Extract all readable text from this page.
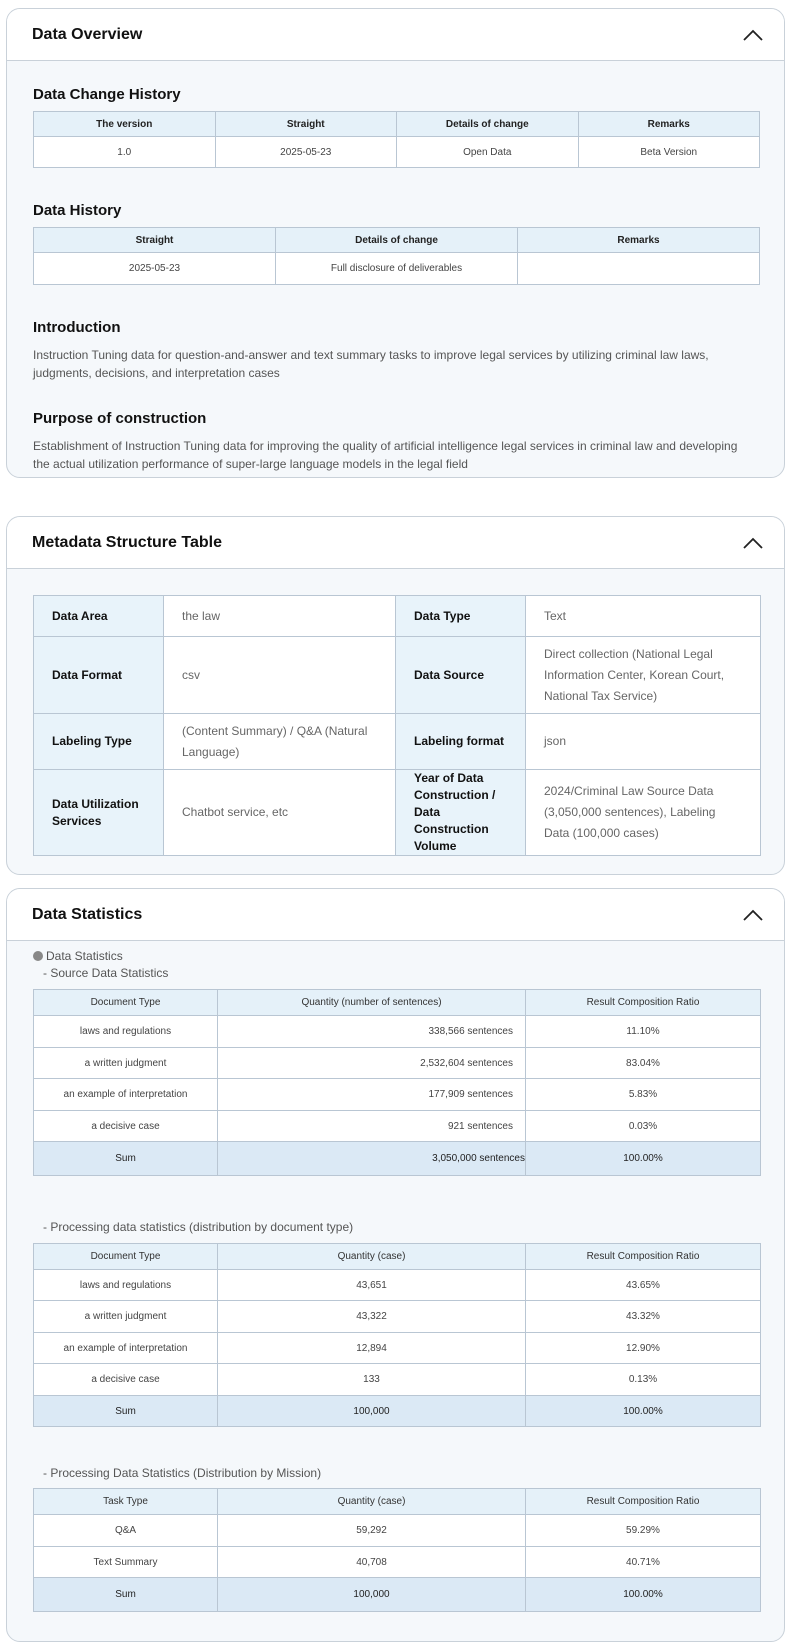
Data Overview
Data Change History
The version	Straight	Details of change	Remarks
1.0	2025-05-23	Open Data	Beta Version
Data History
Straight	Details of change	Remarks
2025-05-23	Full disclosure of deliverables	
Introduction

Instruction Tuning data for question-and-answer and text summary tasks to improve legal services by utilizing criminal law laws, judgments, decisions, and interpretation cases

Purpose of construction

Establishment of Instruction Tuning data for improving the quality of artificial intelligence legal services in criminal law and developing the actual utilization performance of super-large language models in the legal field

Metadata Structure Table
Data Area	the law	Data Type	Text
Data Format	csv	Data Source	Direct collection (National Legal Information Center, Korean Court, National Tax Service)
Labeling Type	(Content Summary) / Q&A (Natural Language)	Labeling format	json
Data Utilization Services	Chatbot service, etc	Year of Data Construction / Data Construction Volume	2024/Criminal Law Source Data (3,050,000 sentences), Labeling Data (100,000 cases)
Data Statistics
Data Statistics
- Source Data Statistics
Document Type	Quantity (number of sentences)	Result Composition Ratio
laws and regulations	338,566 sentences	11.10%
a written judgment	2,532,604 sentences	83.04%
an example of interpretation	177,909 sentences	5.83%
a decisive case	921 sentences	0.03%
Sum	3,050,000 sentences	100.00%
- Processing data statistics (distribution by document type)
Document Type	Quantity (case)	Result Composition Ratio
laws and regulations	43,651	43.65%
a written judgment	43,322	43.32%
an example of interpretation	12,894	12.90%
a decisive case	133	0.13%
Sum	100,000	100.00%
- Processing Data Statistics (Distribution by Mission)
Task Type	Quantity (case)	Result Composition Ratio
Q&A	59,292	59.29%
Text Summary	40,708	40.71%
Sum	100,000	100.00%
